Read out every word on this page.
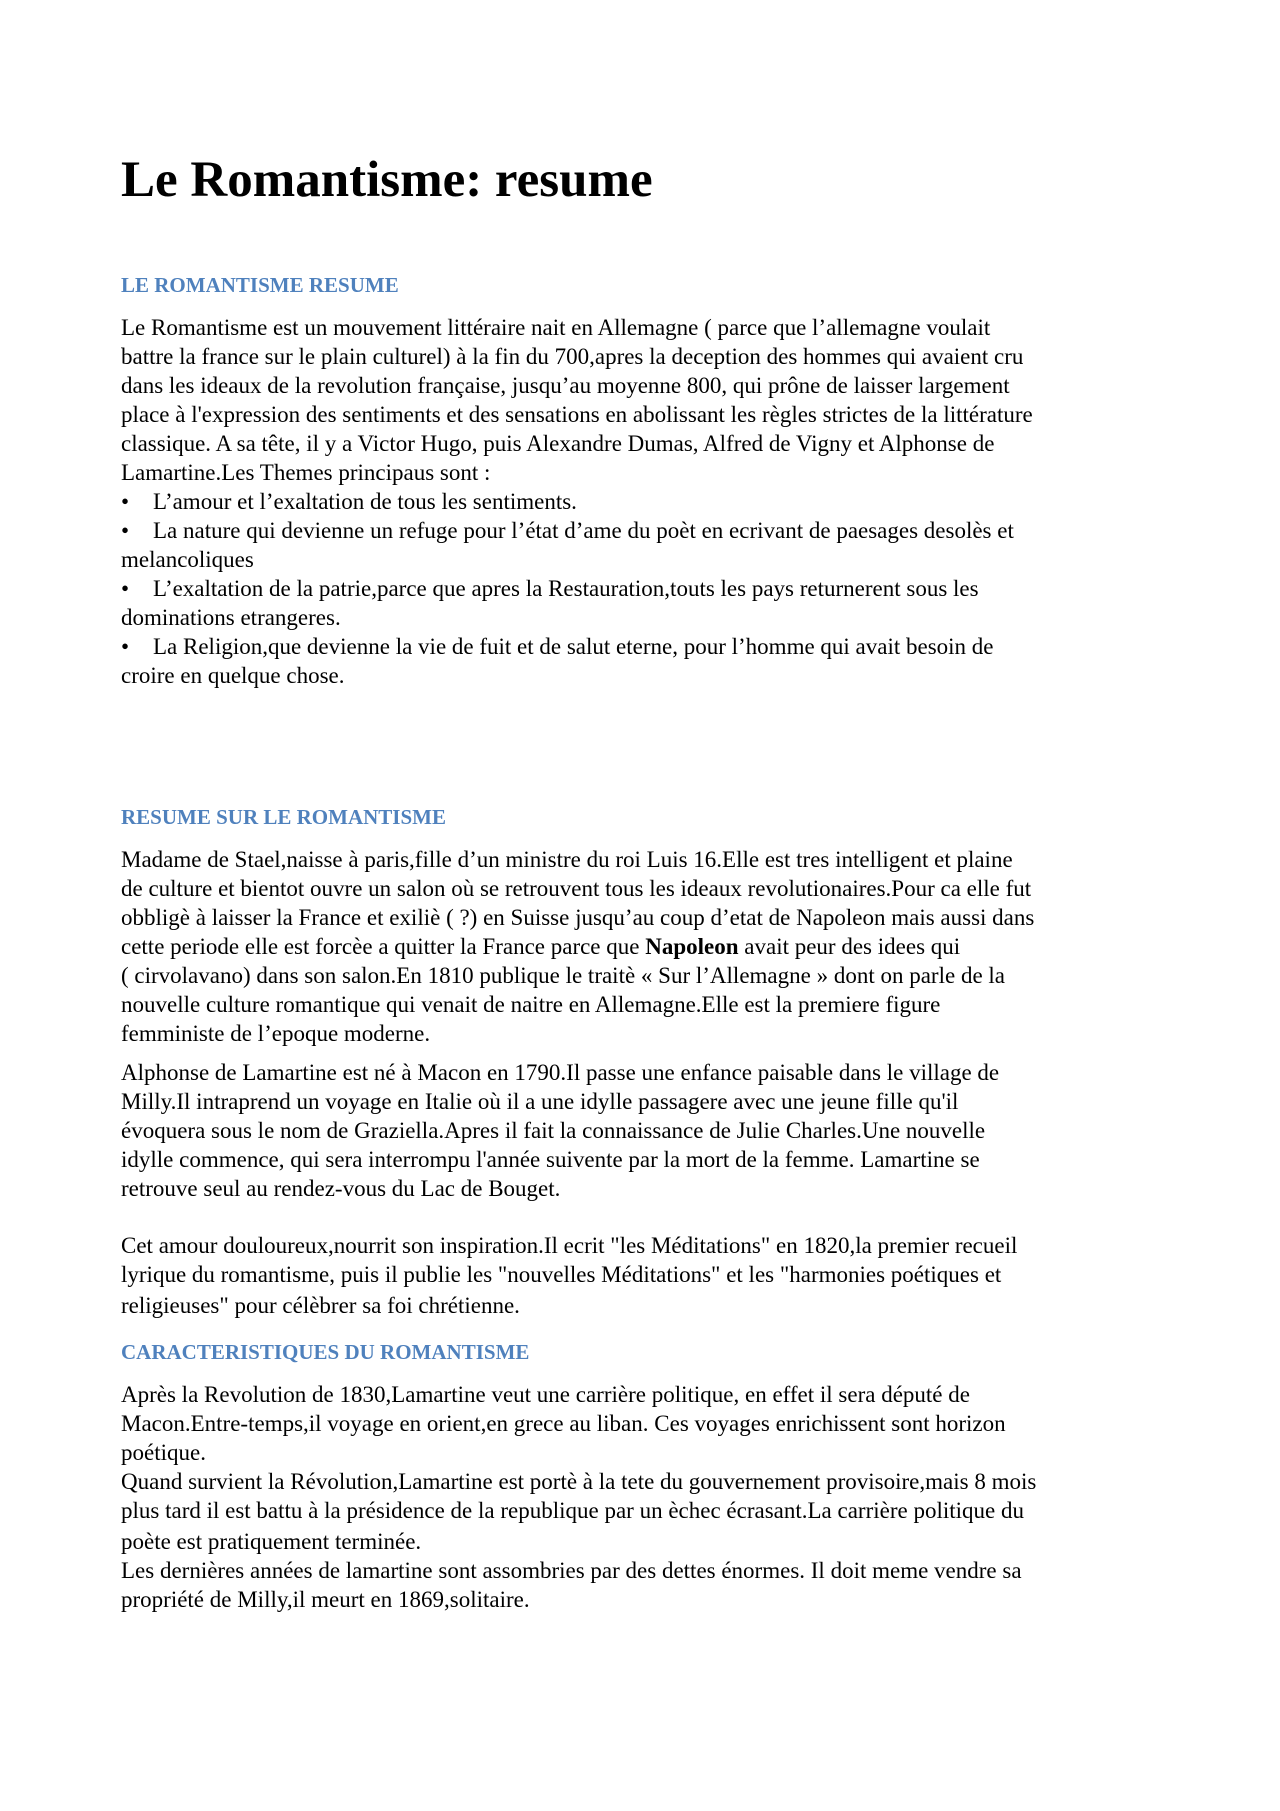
Le Romantisme: resume
LE ROMANTISME RESUME

Le Romantisme est un mouvement littéraire nait en Allemagne ( parce que l’allemagne voulait

battre la france sur le plain culturel) à la fin du 700,apres la deception des hommes qui avaient cru

dans les ideaux de la revolution française, jusqu’au moyenne 800, qui prône de laisser largement

place à l'expression des sentiments et des sensations en abolissant les règles strictes de la littérature

classique. A sa tête, il y a Victor Hugo, puis Alexandre Dumas, Alfred de Vigny et Alphonse de

Lamartine.Les Themes principaus sont :

• L’amour et l’exaltation de tous les sentiments.

• La nature qui devienne un refuge pour l’état d’ame du poèt en ecrivant de paesages desolès et

melancoliques

• L’exaltation de la patrie,parce que apres la Restauration,touts les pays returnerent sous les

dominations etrangeres.

• La Religion,que devienne la vie de fuit et de salut eterne, pour l’homme qui avait besoin de

croire en quelque chose.

RESUME SUR LE ROMANTISME

Madame de Stael,naisse à paris,fille d’un ministre du roi Luis 16.Elle est tres intelligent et plaine

de culture et bientot ouvre un salon où se retrouvent tous les ideaux revolutionaires.Pour ca elle fut

obbligè à laisser la France et exiliè ( ?) en Suisse jusqu’au coup d’etat de Napoleon mais aussi dans

cette periode elle est forcèe a quitter la France parce que Napoleon avait peur des idees qui

( cirvolavano) dans son salon.En 1810 publique le traitè « Sur l’Allemagne » dont on parle de la

nouvelle culture romantique qui venait de naitre en Allemagne.Elle est la premiere figure

femministe de l’epoque moderne.

Alphonse de Lamartine est né à Macon en 1790.Il passe une enfance paisable dans le village de

Milly.Il intraprend un voyage en Italie où il a une idylle passagere avec une jeune fille qu'il

évoquera sous le nom de Graziella.Apres il fait la connaissance de Julie Charles.Une nouvelle

idylle commence, qui sera interrompu l'année suivente par la mort de la femme. Lamartine se

retrouve seul au rendez-vous du Lac de Bouget.

Cet amour douloureux,nourrit son inspiration.Il ecrit "les Méditations" en 1820,la premier recueil

lyrique du romantisme, puis il publie les "nouvelles Méditations" et les "harmonies poétiques et

religieuses" pour célèbrer sa foi chrétienne.

CARACTERISTIQUES DU ROMANTISME

Après la Revolution de 1830,Lamartine veut une carrière politique, en effet il sera député de

Macon.Entre-temps,il voyage en orient,en grece au liban. Ces voyages enrichissent sont horizon

poétique.

Quand survient la Révolution,Lamartine est portè à la tete du gouvernement provisoire,mais 8 mois

plus tard il est battu à la présidence de la republique par un èchec écrasant.La carrière politique du

poète est pratiquement terminée.

Les dernières années de lamartine sont assombries par des dettes énormes. Il doit meme vendre sa

propriété de Milly,il meurt en 1869,solitaire.
